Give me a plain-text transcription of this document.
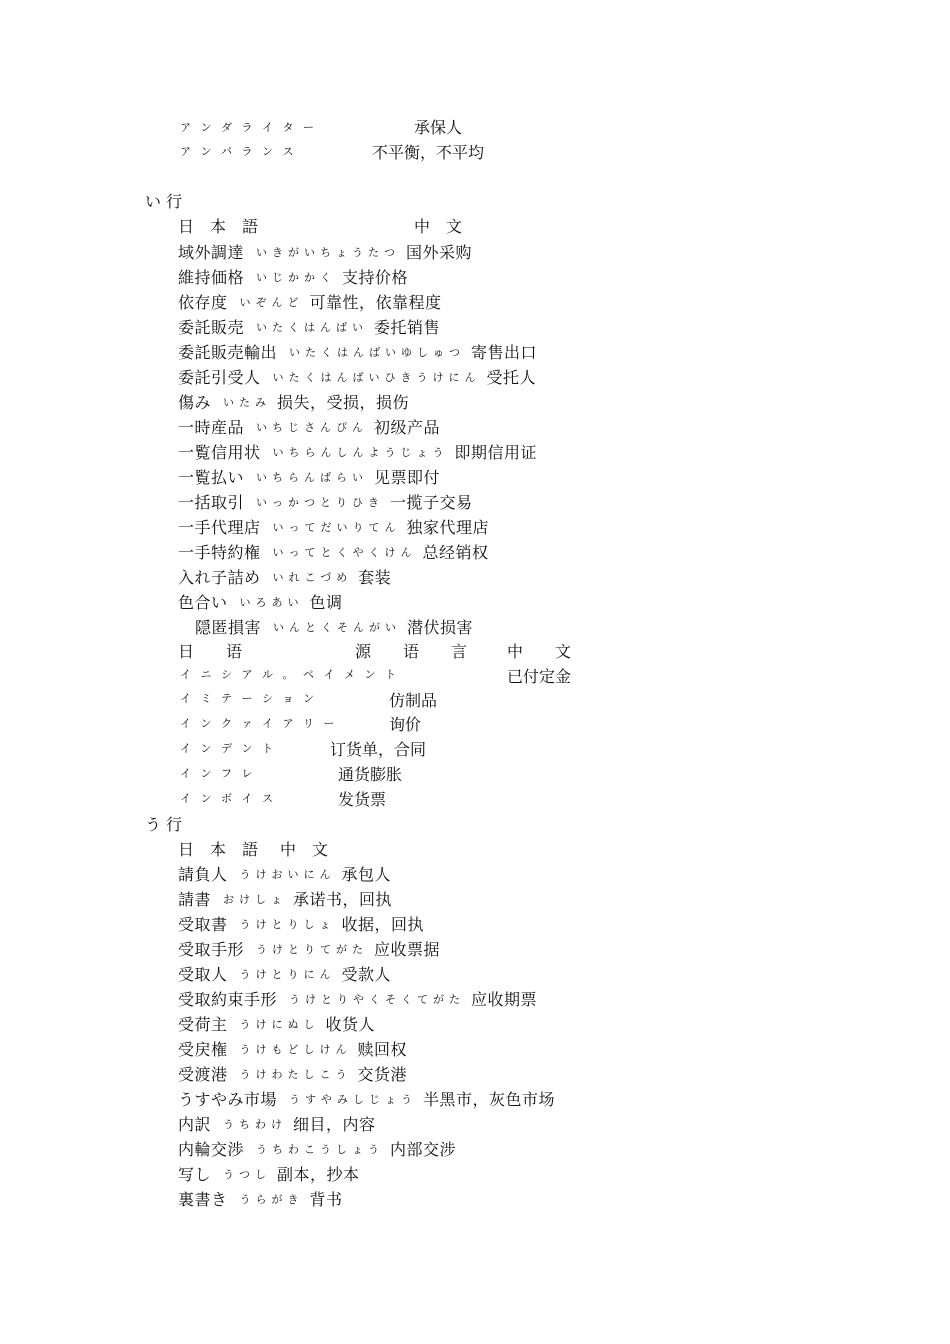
ア ン ダ ラ イ タ ー	承保人
ア ン バ ラ ン ス	不平衡，不平均
い 行
日　本　語	中　文
域外調達 いきがいちょうたつ 国外采购
維持価格 いじかかく 支持价格
依存度 いぞんど 可靠性，依靠程度
委託販売 いたくはんばい 委托销售
委託販売輸出 いたくはんばいゆしゅつ 寄售出口
委託引受人 いたくはんばいひきうけにん 受托人
傷み いたみ 损失，受损，损伤
一時産品 いちじさんぴん 初级产品
一覧信用状 いちらんしんようじょう 即期信用证
一覧払い いちらんばらい 见票即付
一括取引 いっかつとりひき 一揽子交易
一手代理店 いってだいりてん 独家代理店
一手特約権 いってとくやくけん 总经销权
入れ子詰め いれこづめ 套装
色合い いろあい 色调
隠匿損害 いんとくそんがい 潜伏损害
日　　语	源　　语　　言 中　　文
イ ニ シ ア ル 。 ペ イ メ ン ト	已付定金
イ ミ テ ー シ ョ ン	仿制品
イ ン ク ァ イ ア リ ー	询价
イ ン デ ン ト	订货单，合同
イ ン フ レ	通货膨胀
イ ン ボ イ ス	发货票
う 行
日　本　語 中　文
請負人 うけおいにん 承包人
請書 おけしょ 承诺书，回执
受取書 うけとりしょ 收据，回执
受取手形 うけとりてがた 应收票据
受取人 うけとりにん 受款人
受取約束手形 うけとりやくそくてがた 应收期票
受荷主 うけにぬし 收货人
受戻権 うけもどしけん 赎回权
受渡港 うけわたしこう 交货港
うすやみ市場 うすやみしじょう 半黑市，灰色市场
内訳 うちわけ 细目，内容
内輪交渉 うちわこうしょう 内部交涉
写し うつし 副本，抄本
裏書き うらがき 背书
